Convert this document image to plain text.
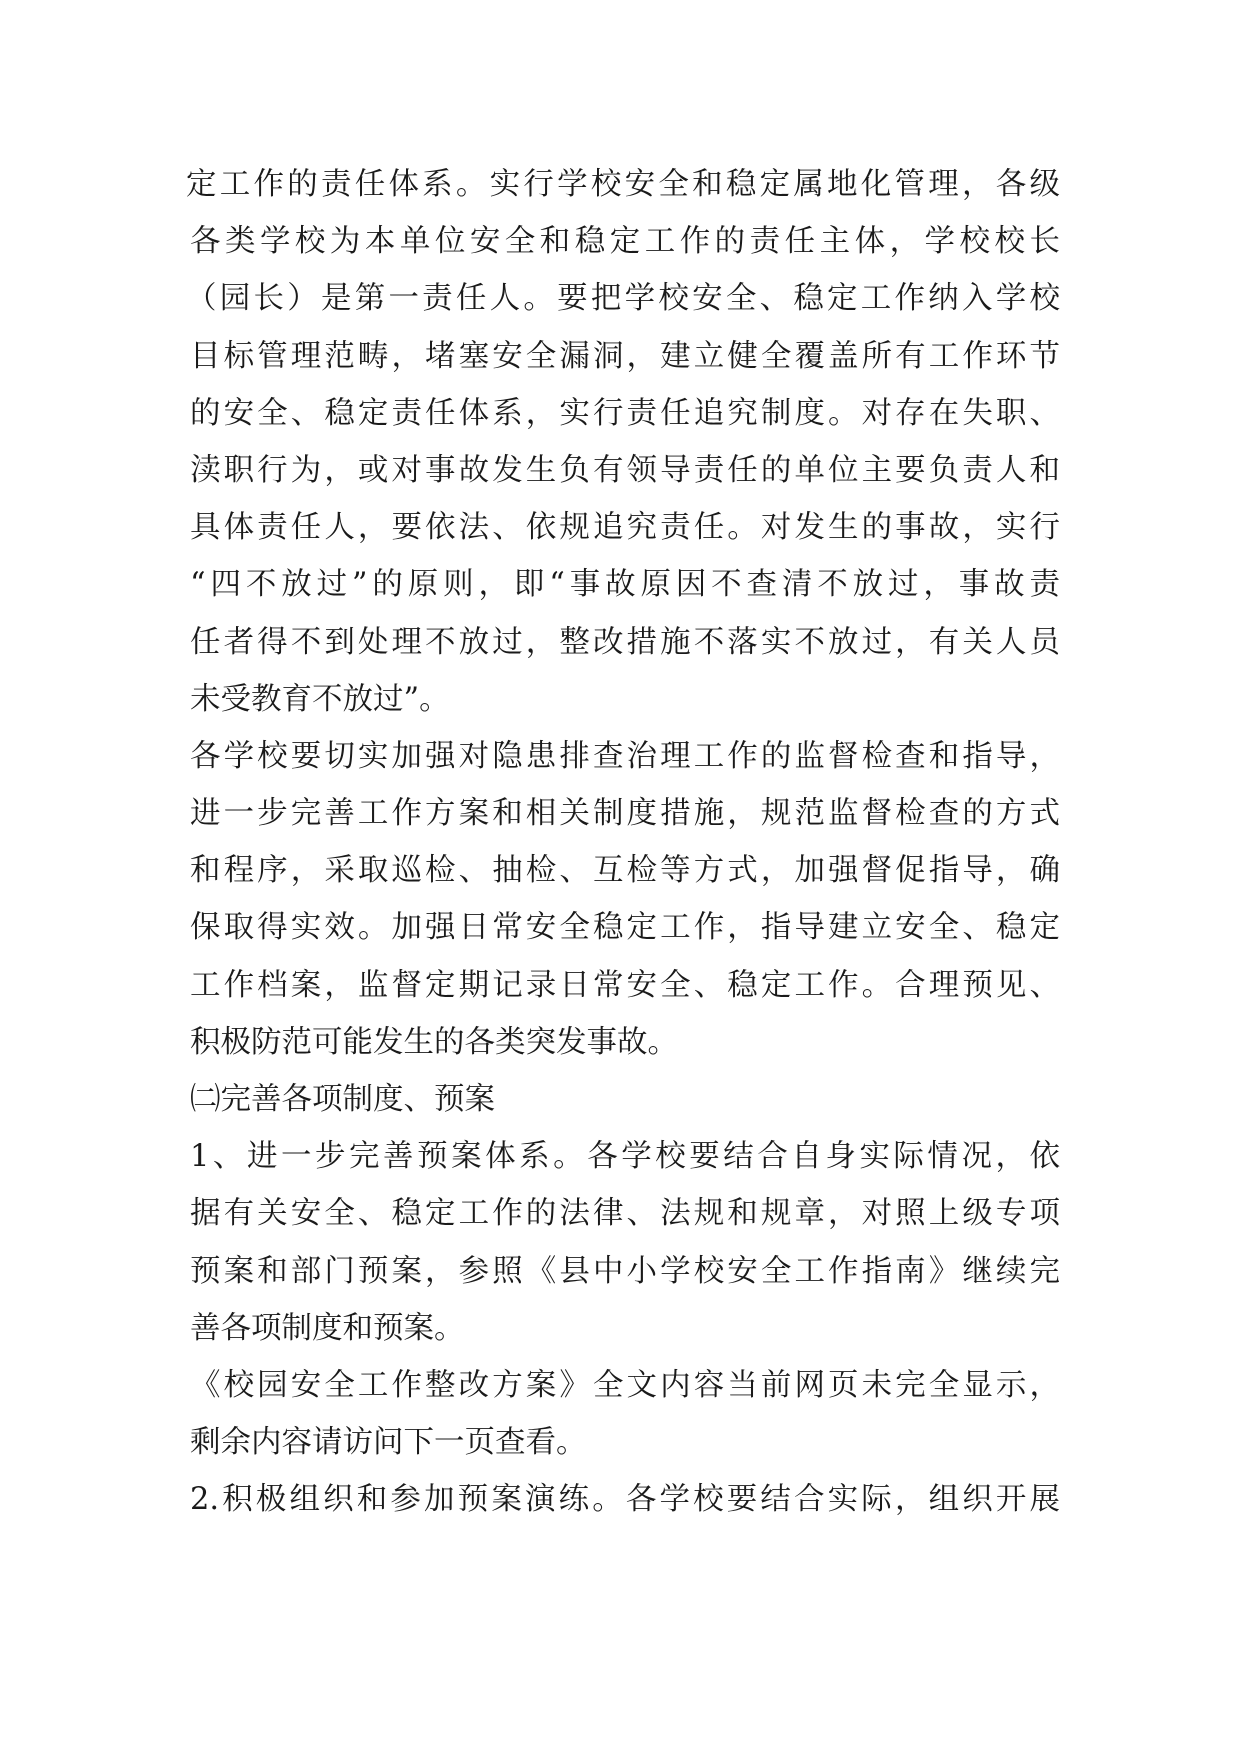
定工作的责任体系。实行学校安全和稳定属地化管理，各级
各类学校为本单位安全和稳定工作的责任主体，学校校长
（园长）是第一责任人。要把学校安全、稳定工作纳入学校
目标管理范畴，堵塞安全漏洞，建立健全覆盖所有工作环节
的安全、稳定责任体系，实行责任追究制度。对存在失职、
渎职行为，或对事故发生负有领导责任的单位主要负责人和
具体责任人，要依法、依规追究责任。对发生的事故，实行
“四不放过”的原则，即“事故原因不查清不放过，事故责
任者得不到处理不放过，整改措施不落实不放过，有关人员
未受教育不放过”。
各学校要切实加强对隐患排查治理工作的监督检查和指导，
进一步完善工作方案和相关制度措施，规范监督检查的方式
和程序，采取巡检、抽检、互检等方式，加强督促指导，确
保取得实效。加强日常安全稳定工作，指导建立安全、稳定
工作档案，监督定期记录日常安全、稳定工作。合理预见、
积极防范可能发生的各类突发事故。
㈡完善各项制度、预案
1、进一步完善预案体系。各学校要结合自身实际情况，依
据有关安全、稳定工作的法律、法规和规章，对照上级专项
预案和部门预案，参照《县中小学校安全工作指南》继续完
善各项制度和预案。
《校园安全工作整改方案》全文内容当前网页未完全显示，
剩余内容请访问下一页查看。
2.积极组织和参加预案演练。各学校要结合实际，组织开展
